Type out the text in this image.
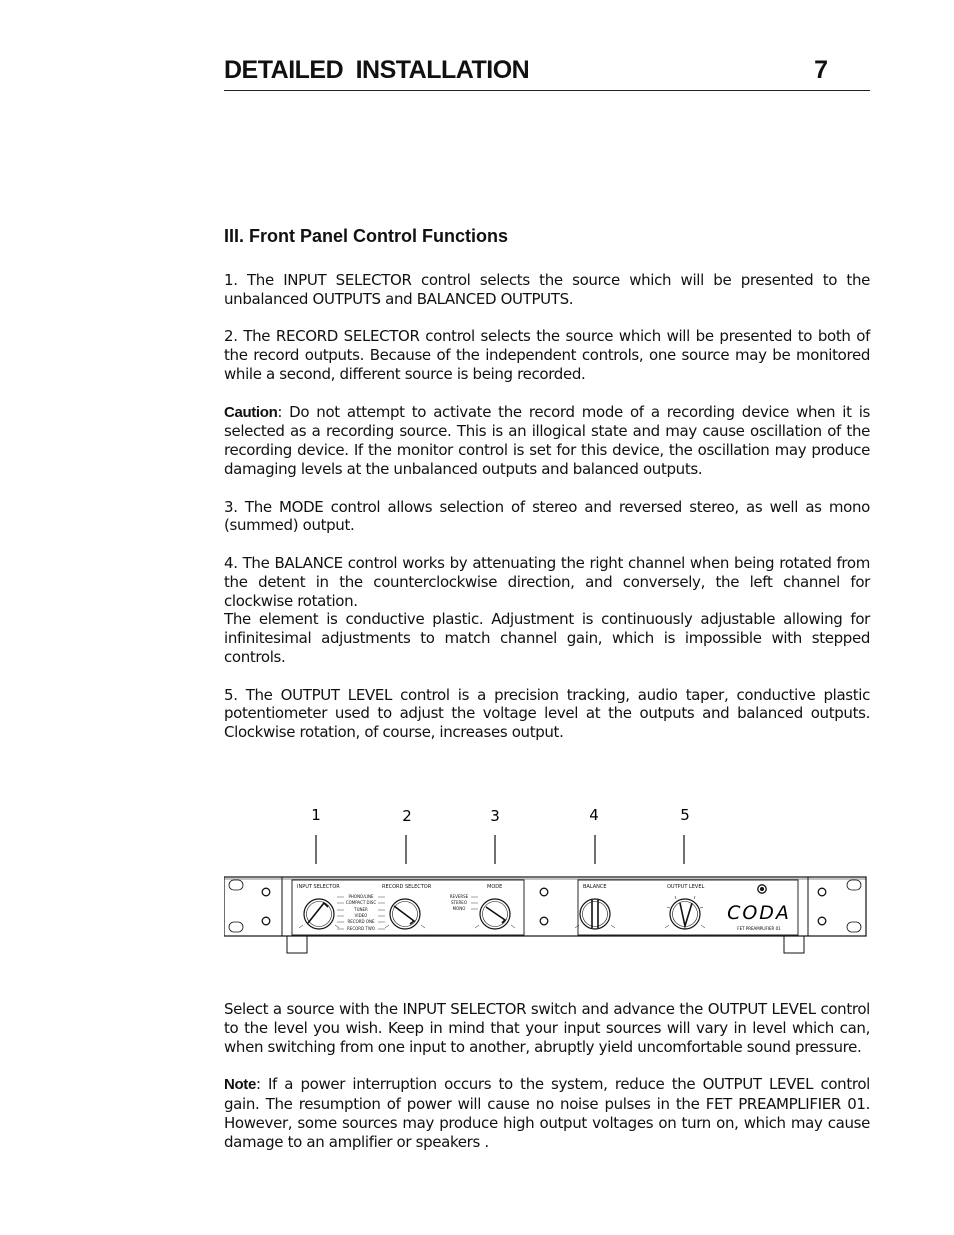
DETAILED INSTALLATION	7
III. Front Panel Control Functions

1. The INPUT SELECTOR control selects the source which will be presented to the unbalanced OUTPUTS and BALANCED OUTPUTS.

2. The RECORD SELECTOR control selects the source which will be presented to both of the record outputs. Because of the independent controls, one source may be monitored while a second, different source is being recorded.

Caution: Do not attempt to activate the record mode of a recording device when it is selected as a recording source. This is an illogical state and may cause oscillation of the recording device. If the monitor control is set for this device, the oscillation may produce damaging levels at the unbalanced outputs and balanced outputs.

3. The MODE control allows selection of stereo and reversed stereo, as well as mono (summed) output.

4. The BALANCE control works by attenuating the right channel when being rotated from the detent in the counterclockwise direction, and conversely, the left channel for clockwise rotation.
The element is conductive plastic. Adjustment is continuously adjustable allowing for infinitesimal adjustments to match channel gain, which is impossible with stepped controls.

5. The OUTPUT LEVEL control is a precision tracking, audio taper, conductive plastic potentiometer used to adjust the voltage level at the outputs and balanced outputs. Clockwise rotation, of course, increases output.

1	2	3	4	5
INPUT SELECTOR	RECORD SELECTOR	MODE	BALANCE	OUTPUT LEVEL
PHONO/LINE
COMPACT DISC
TUNER
VIDEO
RECORD ONE
RECORD TWO
REVERSE
STEREO
MONO	CODA
FET PREAMPLIFIER 01

Select a source with the INPUT SELECTOR switch and advance the OUTPUT LEVEL control to the level you wish. Keep in mind that your input sources will vary in level which can, when switching from one input to another, abruptly yield uncomfortable sound pressure.

Note: If a power interruption occurs to the system, reduce the OUTPUT LEVEL control gain. The resumption of power will cause no noise pulses in the FET PREAMPLIFIER 01. However, some sources may produce high output voltages on turn on, which may cause damage to an amplifier or speakers .
